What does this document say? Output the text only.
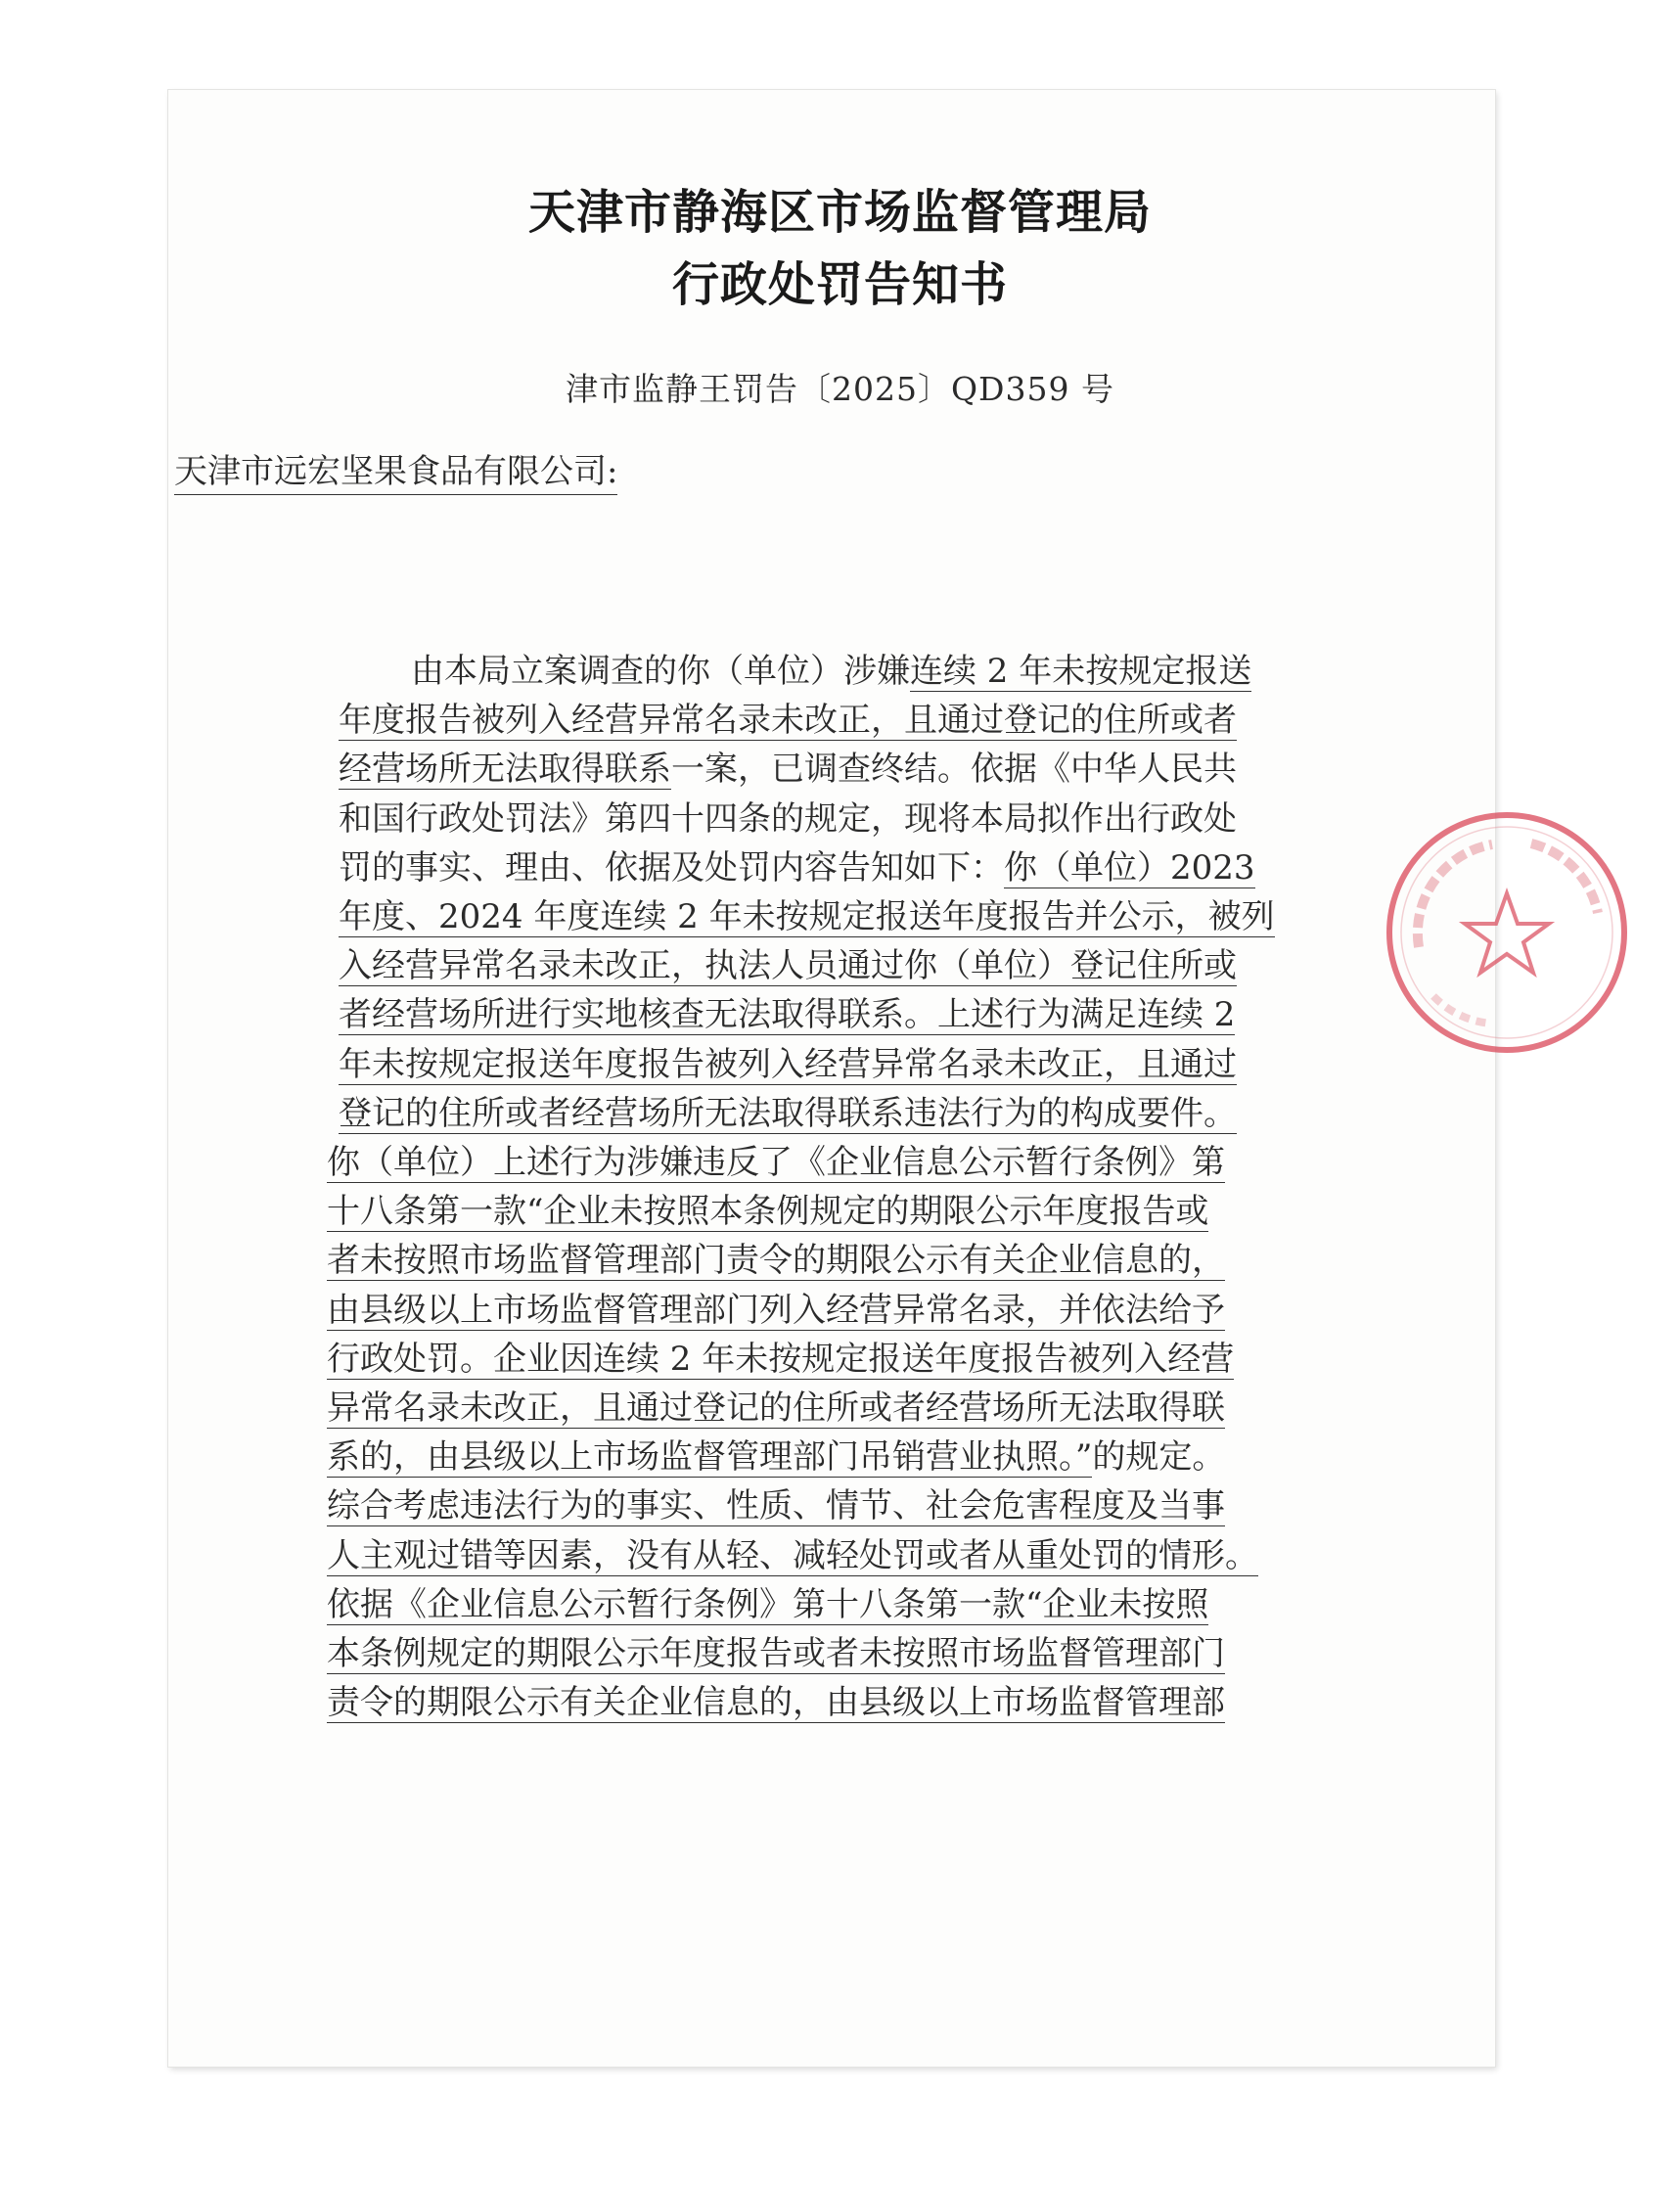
天津市静海区市场监督管理局
行政处罚告知书
津市监静王罚告〔2025〕QD359 号
天津市远宏坚果食品有限公司:
由本局立案调查的你（单位）涉嫌连续 2 年未按规定报送
年度报告被列入经营异常名录未改正，且通过登记的住所或者
经营场所无法取得联系一案，已调查终结。依据《中华人民共
和国行政处罚法》第四十四条的规定，现将本局拟作出行政处
罚的事实、理由、依据及处罚内容告知如下：你（单位）2023
年度、2024 年度连续 2 年未按规定报送年度报告并公示，被列
入经营异常名录未改正，执法人员通过你（单位）登记住所或
者经营场所进行实地核查无法取得联系。上述行为满足连续 2
年未按规定报送年度报告被列入经营异常名录未改正，且通过
登记的住所或者经营场所无法取得联系违法行为的构成要件。
你（单位）上述行为涉嫌违反了《企业信息公示暂行条例》第
十八条第一款“企业未按照本条例规定的期限公示年度报告或
者未按照市场监督管理部门责令的期限公示有关企业信息的，
由县级以上市场监督管理部门列入经营异常名录，并依法给予
行政处罚。企业因连续 2 年未按规定报送年度报告被列入经营
异常名录未改正，且通过登记的住所或者经营场所无法取得联
系的，由县级以上市场监督管理部门吊销营业执照。”的规定。
综合考虑违法行为的事实、性质、情节、社会危害程度及当事
人主观过错等因素，没有从轻、减轻处罚或者从重处罚的情形。
依据《企业信息公示暂行条例》第十八条第一款“企业未按照
本条例规定的期限公示年度报告或者未按照市场监督管理部门
责令的期限公示有关企业信息的，由县级以上市场监督管理部
